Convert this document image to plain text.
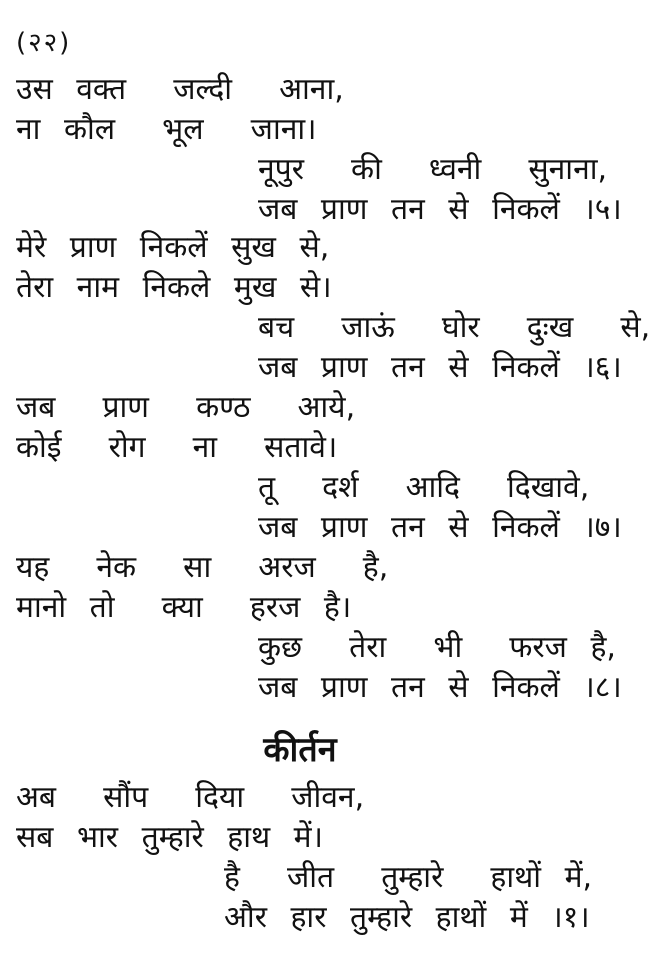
(२२)
उस वक्त  जल्दी  आना,
ना कौल  भूल  जाना।
नूपुर  की  ध्वनी  सुनाना,
जब प्राण तन से निकलें ।५।
मेरे प्राण निकलें सुख से,
तेरा नाम निकले मुख से।
बच  जाऊं  घोर  दुःख  से,
जब प्राण तन से निकलें ।६।
जब  प्राण  कण्ठ  आये,
कोई  रोग  ना  सतावे।
तू  दर्श  आदि  दिखावे,
जब प्राण तन से निकलें ।७।
यह  नेक  सा  अरज  है,
मानो तो  क्या  हरज है।
कुछ  तेरा  भी  फरज है,
जब प्राण तन से निकलें ।८।
कीर्तन
अब  सौंप  दिया  जीवन,
सब भार तुम्हारे हाथ में।
है  जीत  तुम्हारे  हाथों में,
और हार तुम्हारे हाथों में ।१।
